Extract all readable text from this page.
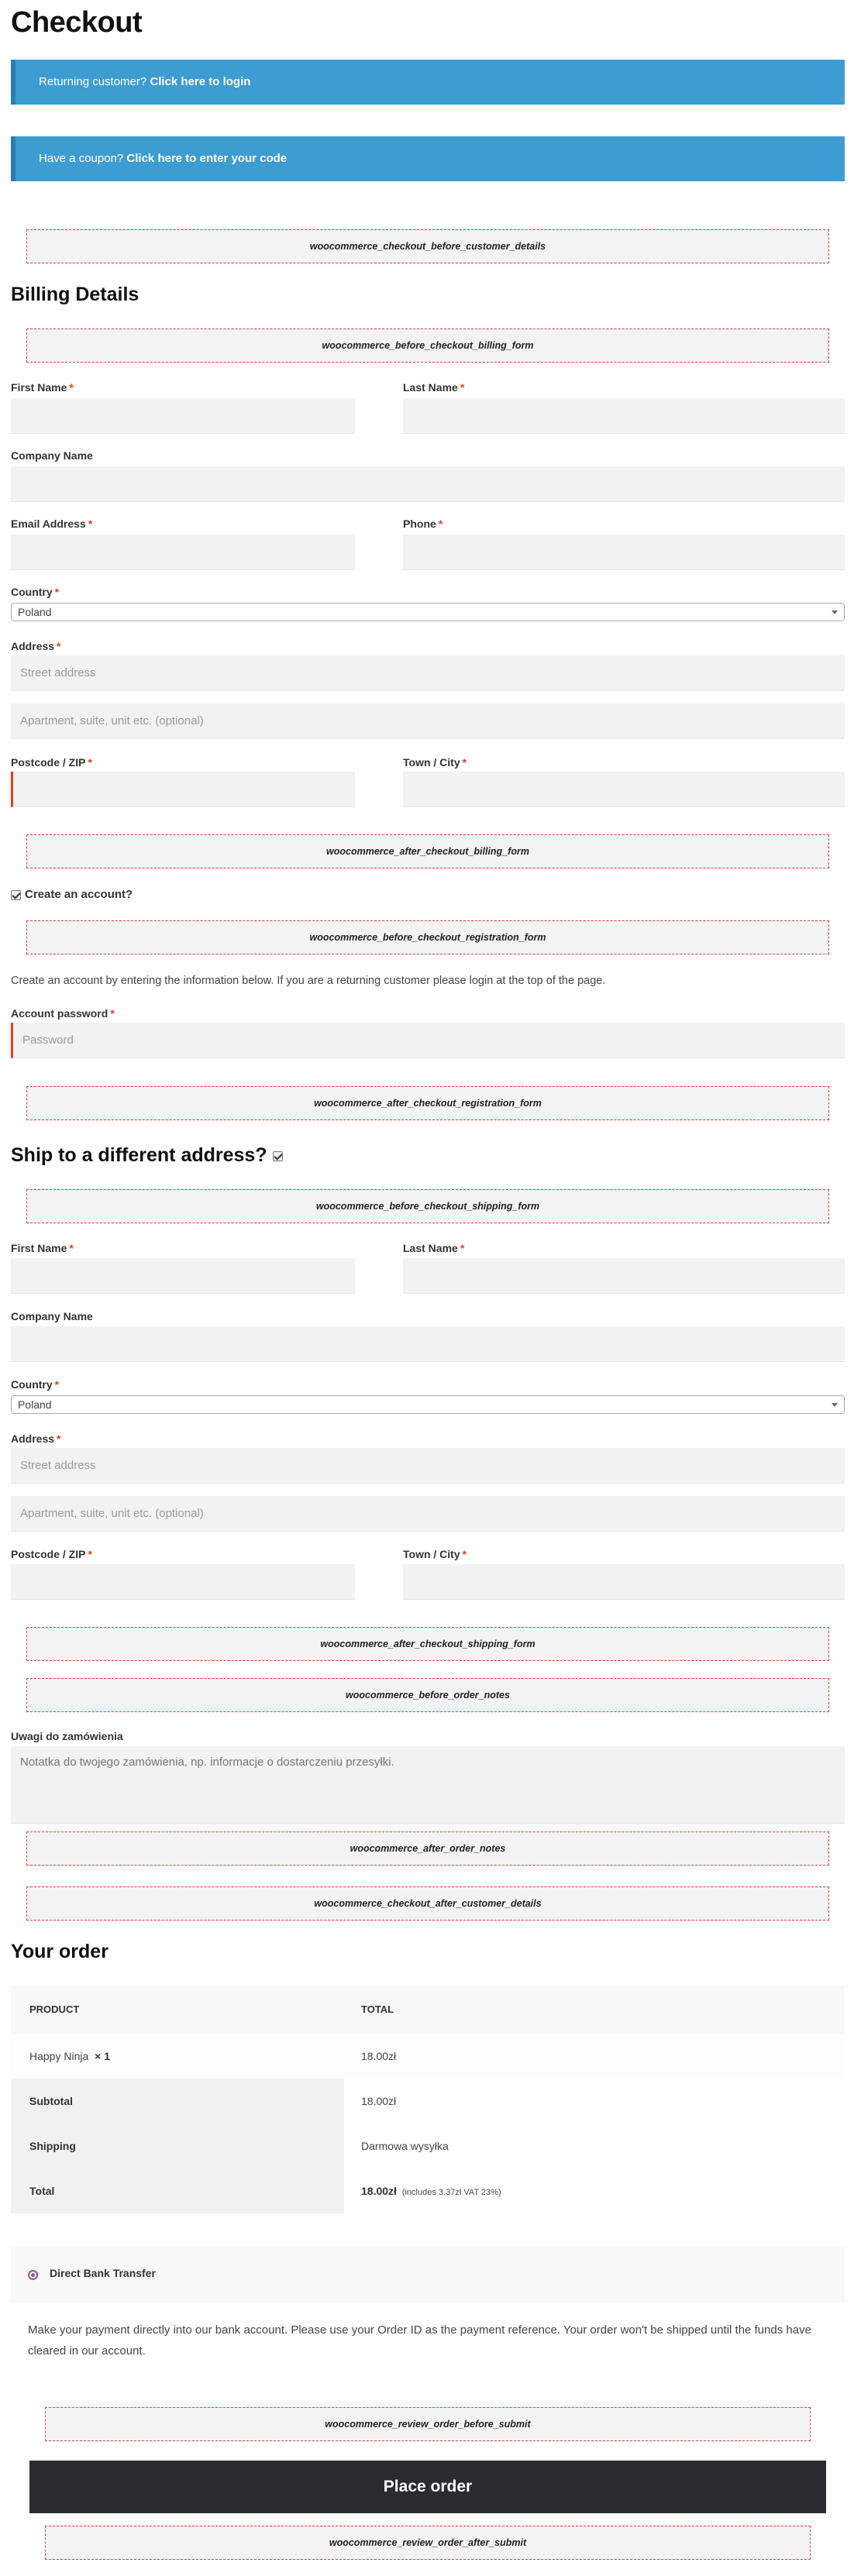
Checkout
Returning customer? Click here to login
Have a coupon? Click here to enter your code
woocommerce_checkout_before_customer_details
Billing Details
woocommerce_before_checkout_billing_form
First Name *	Last Name *
Company Name
Email Address *	Phone *
Country *
Poland
Address *
Street address
Apartment, suite, unit etc. (optional)
Postcode / ZIP *	Town / City *
woocommerce_after_checkout_billing_form
Create an account?
woocommerce_before_checkout_registration_form
Create an account by entering the information below. If you are a returning customer please login at the top of the page.
Account password *
Password
woocommerce_after_checkout_registration_form
Ship to a different address?
woocommerce_before_checkout_shipping_form
First Name *	Last Name *
Company Name
Country *
Poland
Address *
Street address
Apartment, suite, unit etc. (optional)
Postcode / ZIP *	Town / City *
woocommerce_after_checkout_shipping_form
woocommerce_before_order_notes
Uwagi do zamówienia
Notatka do twojego zamówienia, np. informacje o dostarczeniu przesyłki.
woocommerce_after_order_notes
woocommerce_checkout_after_customer_details
Your order
PRODUCT	TOTAL
Happy Ninja × 1	18.00zł
Subtotal	18.00zł
Shipping	Darmowa wysyłka
Total	18.00zł (includes 3.37zł VAT 23%)
Direct Bank Transfer
Make your payment directly into our bank account. Please use your Order ID as the payment reference. Your order won't be shipped until the funds have cleared in our account.
woocommerce_review_order_before_submit
Place order
woocommerce_review_order_after_submit
